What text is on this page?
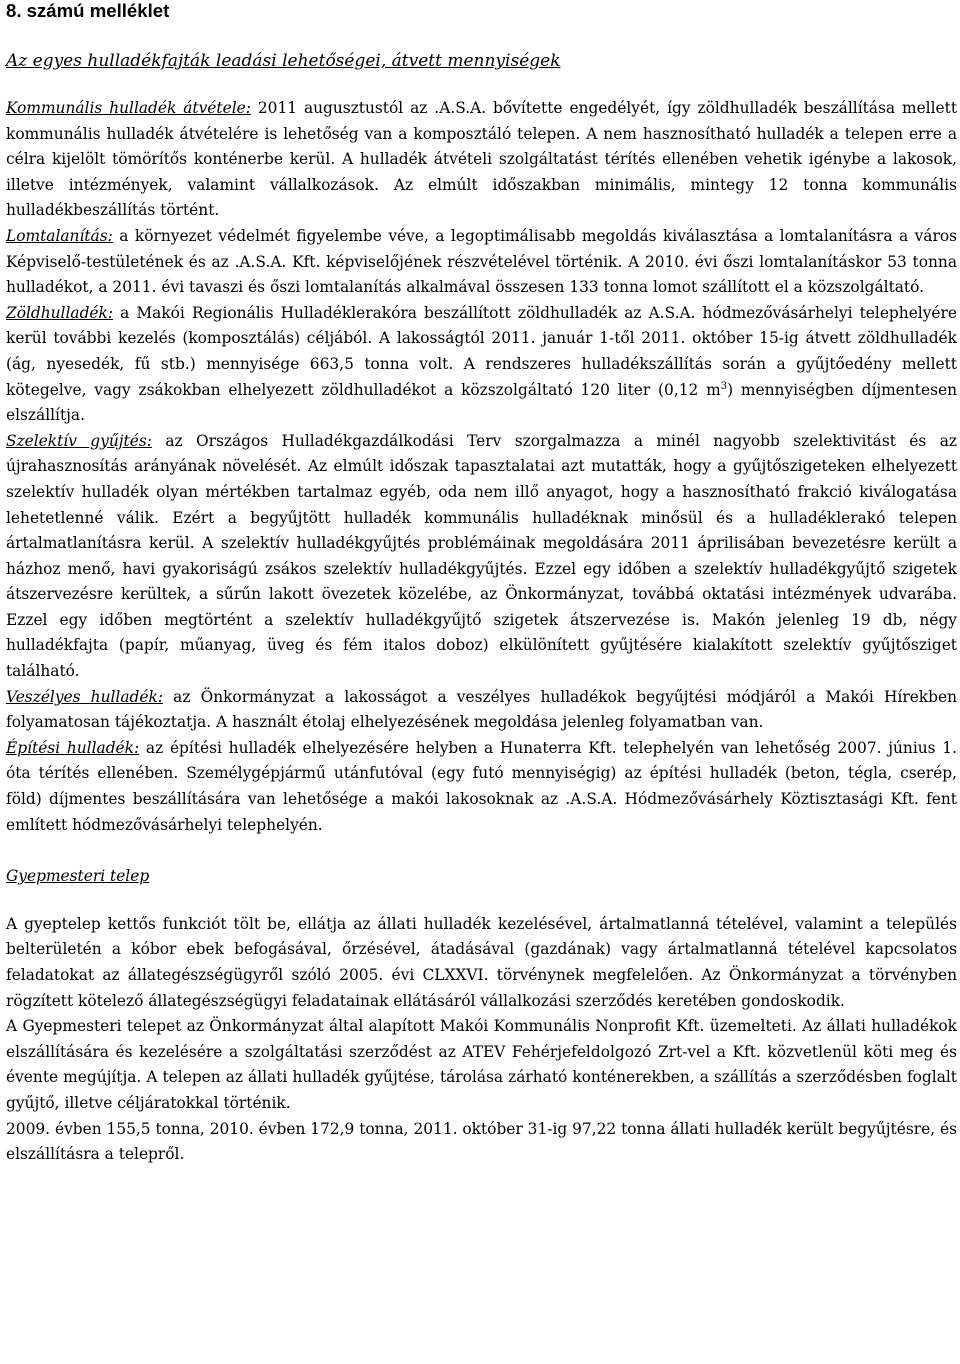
8. számú melléklet
Az egyes hulladékfajták leadási lehetőségei, átvett mennyiségek

Kommunális hulladék átvétele: 2011 augusztustól az .A.S.A. bővítette engedélyét, így zöldhulladék beszállítása mellett kommunális hulladék átvételére is lehetőség van a komposztáló telepen. A nem hasznosítható hulladék a telepen erre a célra kijelölt tömörítős konténerbe kerül. A hulladék átvételi szolgáltatást térítés ellenében vehetik igénybe a lakosok, illetve intézmények, valamint vállalkozások. Az elmúlt időszakban minimális, mintegy 12 tonna kommunális hulladékbeszállítás történt.

Lomtalanítás: a környezet védelmét figyelembe véve, a legoptimálisabb megoldás kiválasztása a lomtalanításra a város Képviselő-testületének és az .A.S.A. Kft. képviselőjének részvételével történik. A 2010. évi őszi lomtalanításkor 53 tonna hulladékot, a 2011. évi tavaszi és őszi lomtalanítás alkalmával összesen 133 tonna lomot szállított el a közszolgáltató.

Zöldhulladék: a Makói Regionális Hulladéklerakóra beszállított zöldhulladék az A.S.A. hódmezővásárhelyi telephelyére kerül további kezelés (komposztálás) céljából. A lakosságtól 2011. január 1-től 2011. október 15-ig átvett zöldhulladék (ág, nyesedék, fű stb.) mennyisége 663,5 tonna volt. A rendszeres hulladékszállítás során a gyűjtőedény mellett kötegelve, vagy zsákokban elhelyezett zöldhulladékot a közszolgáltató 120 liter (0,12 $m^3$) mennyiségben díjmentesen elszállítja.

Szelektív gyűjtés: az Országos Hulladékgazdálkodási Terv szorgalmazza a minél nagyobb szelektivitást és az újrahasznosítás arányának növelését. Az elmúlt időszak tapasztalatai azt mutatták, hogy a gyűjtőszigeteken elhelyezett szelektív hulladék olyan mértékben tartalmaz egyéb, oda nem illő anyagot, hogy a hasznosítható frakció kiválogatása lehetetlenné válik. Ezért a begyűjtött hulladék kommunális hulladéknak minősül és a hulladéklerakó telepen ártalmatlanításra kerül. A szelektív hulladékgyűjtés problémáinak megoldására 2011 áprilisában bevezetésre került a házhoz menő, havi gyakoriságú zsákos szelektív hulladékgyűjtés. Ezzel egy időben a szelektív hulladékgyűjtő szigetek átszervezésre kerültek, a sűrűn lakott övezetek közelébe, az Önkormányzat, továbbá oktatási intézmények udvarába. Ezzel egy időben megtörtént a szelektív hulladékgyűjtő szigetek átszervezése is. Makón jelenleg 19 db, négy hulladékfajta (papír, műanyag, üveg és fém italos doboz) elkülönített gyűjtésére kialakított szelektív gyűjtősziget található.

Veszélyes hulladék: az Önkormányzat a lakosságot a veszélyes hulladékok begyűjtési módjáról a Makói Hírekben folyamatosan tájékoztatja. A használt étolaj elhelyezésének megoldása jelenleg folyamatban van.

Építési hulladék: az építési hulladék elhelyezésére helyben a Hunaterra Kft. telephelyén van lehetőség 2007. június 1. óta térítés ellenében. Személygépjármű utánfutóval (egy futó mennyiségig) az építési hulladék (beton, tégla, cserép, föld) díjmentes beszállítására van lehetősége a makói lakosoknak az .A.S.A. Hódmezővásárhely Köztisztasági Kft. fent említett hódmezővásárhelyi telephelyén.

Gyepmesteri telep

A gyeptelep kettős funkciót tölt be, ellátja az állati hulladék kezelésével, ártalmatlanná tételével, valamint a település belterületén a kóbor ebek befogásával, őrzésével, átadásával (gazdának) vagy ártalmatlanná tételével kapcsolatos feladatokat az állategészségügyről szóló 2005. évi CLXXVI. törvénynek megfelelően. Az Önkormányzat a törvényben rögzített kötelező állategészségügyi feladatainak ellátásáról vállalkozási szerződés keretében gondoskodik.

A Gyepmesteri telepet az Önkormányzat által alapított Makói Kommunális Nonprofit Kft. üzemelteti. Az állati hulladékok elszállítására és kezelésére a szolgáltatási szerződést az ATEV Fehérjefeldolgozó Zrt-vel a Kft. közvetlenül köti meg és évente megújítja. A telepen az állati hulladék gyűjtése, tárolása zárható konténerekben, a szállítás a szerződésben foglalt gyűjtő, illetve céljáratokkal történik.

2009. évben 155,5 tonna, 2010. évben 172,9 tonna, 2011. október 31-ig 97,22 tonna állati hulladék került begyűjtésre, és elszállításra a telepről.
